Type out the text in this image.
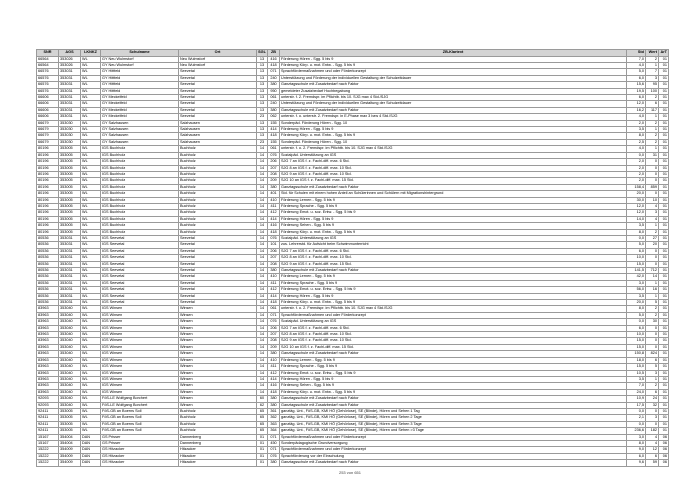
SNR	AGS	LKNKZ	Schulname	Ort	SGL	ZB	ZB-Klartext	Std	Wert	ArT
66564	353026	WL	GY Neu Wulmstorf	Neu Wulmstorf	13	416	Förderung Hören - Sgg. 5 bis 9	7,0	2	01
66564	353026	WL	GY Neu Wulmstorf	Neu Wulmstorf	13	418	Förderung Körp. u. mot. Entw. - Sgg. 5 bis 9	4,0	1	01
66576	353031	WL	GY Hittfeld	Seevetal	13	071	Sprachfördermaßnahmen und oder Förderkonzept	5,0	7	01
66576	353031	WL	GY Hittfeld	Seevetal	13	240	Unterstützung und Förderung der individuellen Gestaltung der Schulzeitdauer	6,0	3	01
66576	353031	WL	GY Hittfeld	Seevetal	13	380	Ganztagsschule mit Zusatzbedarf nach Faktor	15,6	95	01
66576	353031	WL	GY Hittfeld	Seevetal	13	950	gemeldeter Zusatzbedarf Hochbegabung	19,5	100	01
66606	353031	WL	GY Meckelfeld	Seevetal	13	061	unterstr. f. 2. Fremdspr. im Pflichtb. bis 10. SJG max 4 Std./SJG	6,0	2	01
66606	353031	WL	GY Meckelfeld	Seevetal	13	240	Unterstützung und Förderung der individuellen Gestaltung der Schulzeitdauer	12,0	6	01
66606	353031	WL	GY Meckelfeld	Seevetal	13	380	Ganztagsschule mit Zusatzbedarf nach Faktor	16,2	117	01
66606	353031	WL	GY Meckelfeld	Seevetal	23	062	unterstr. f. o. unterstr. 2. Fremdspr. in E-Phase max 3 bzw 4 Std./SJG	4,0	1	01
66679	353030	WL	GY Salzhausen	Salzhausen	13	155	Sonderpäd. Förderung Hören - Sgg. 10	2,0	2	01
66679	353030	WL	GY Salzhausen	Salzhausen	13	414	Förderung Hören - Sgg. 5 bis 9	3,5	1	01
66679	353030	WL	GY Salzhausen	Salzhausen	13	418	Förderung Körp. u. mot. Entw. - Sgg. 5 bis 9	8,0	2	01
66679	353030	WL	GY Salzhausen	Salzhausen	23	155	Sonderpäd. Förderung Hören - Sgg. 10	2,5	2	01
80196	353005	WL	IGS Buchholz	Buchholz	14	061	unterstr. f. o. 2. Fremdspr. im Pflichtb. bis 10. SJG max 4 Std./SJG	4,0	1	01
80196	353005	WL	IGS Buchholz	Buchholz	14	076	Sozialpäd. Unterstützung an IGS	0,0	31	01
80196	353005	WL	IGS Buchholz	Buchholz	14	206	SJG 7 an IGS f. z. Fachl-diff. max. 6 Std.	2,0	0	01
80196	353005	WL	IGS Buchholz	Buchholz	14	207	SJG 8 an IGS f. z. Fachl-diff. max. 10 Std.	2,0	0	01
80196	353005	WL	IGS Buchholz	Buchholz	14	208	SJG 9 an IGS f. z. Fachl-diff. max. 10 Std.	2,0	0	01
80196	353005	WL	IGS Buchholz	Buchholz	14	209	SJG 10 an IGS f. z. Fachl-diff. max. 15 Std.	2,0	0	01
80196	353005	WL	IGS Buchholz	Buchholz	14	380	Ganztagsschule mit Zusatzbedarf nach Faktor	158,4	859	01
80196	353005	WL	IGS Buchholz	Buchholz	14	401	Std. für Schulen mit einem hohen Anteil an Schülerinnen und Schülern mit Migrationshintergrund	20,0	0	01
80196	353005	WL	IGS Buchholz	Buchholz	14	410	Förderung Lernen - Sgg. 5 bis 9	30,0	10	01
80196	353005	WL	IGS Buchholz	Buchholz	14	411	Förderung Sprache - Sgg. 5 bis 9	12,0	4	01
80196	353005	WL	IGS Buchholz	Buchholz	14	412	Förderung Emot. u. soz. Entw. - Sgg. 5 bis 9	12,0	3	01
80196	353005	WL	IGS Buchholz	Buchholz	14	414	Förderung Hören - Sgg. 5 bis 9	14,0	4	01
80196	353005	WL	IGS Buchholz	Buchholz	14	416	Förderung Sehen - Sgg. 5 bis 9	3,5	1	01
80196	353005	WL	IGS Buchholz	Buchholz	14	418	Förderung Körp. u. mot. Entw. - Sgg. 5 bis 9	8,0	2	01
80536	353031	WL	IGS Seevetal	Seevetal	14	076	Sozialpäd. Unterstützung an IGS	0,0	27	01
80536	353031	WL	IGS Seevetal	Seevetal	14	101	zus. Lehrerstd. für Aufsicht beim Schwimmunterricht	5,0	20	01
80536	353031	WL	IGS Seevetal	Seevetal	14	206	SJG 7 an IGS f. z. Fachl-diff. max. 6 Std.	6,0	0	01
80536	353031	WL	IGS Seevetal	Seevetal	14	207	SJG 8 an IGS f. z. Fachl-diff. max. 10 Std.	10,0	0	01
80536	353031	WL	IGS Seevetal	Seevetal	14	208	SJG 9 an IGS f. z. Fachl-diff. max. 15 Std.	15,0	0	01
80536	353031	WL	IGS Seevetal	Seevetal	14	380	Ganztagsschule mit Zusatzbedarf nach Faktor	141,5	712	01
80536	353031	WL	IGS Seevetal	Seevetal	14	410	Förderung Lernen - Sgg. 5 bis 9	42,0	14	01
80536	353031	WL	IGS Seevetal	Seevetal	14	411	Förderung Sprache - Sgg. 5 bis 9	3,0	1	01
80536	353031	WL	IGS Seevetal	Seevetal	14	412	Förderung Emot. u. soz. Entw. - Sgg. 5 bis 9	56,0	16	01
80536	353031	WL	IGS Seevetal	Seevetal	14	414	Förderung Hören - Sgg. 5 bis 9	3,5	1	01
80536	353031	WL	IGS Seevetal	Seevetal	14	418	Förderung Körp. u. mot. Entw. - Sgg. 5 bis 9	20,0	5	01
83963	353040	WL	IGS Winsen	Winsen	14	061	unterstr. f. o. 2. Fremdspr. im Pflichtb. bis 10. SJG max 4 Std./SJG	8,0	2	01
83963	353040	WL	IGS Winsen	Winsen	14	071	Sprachfördermaßnahmen und oder Förderkonzept	5,0	2	01
83963	353040	WL	IGS Winsen	Winsen	14	076	Sozialpäd. Unterstützung an IGS	0,0	30	01
83963	353040	WL	IGS Winsen	Winsen	14	206	SJG 7 an IGS f. z. Fachl-diff. max. 6 Std.	6,0	0	01
83963	353040	WL	IGS Winsen	Winsen	14	207	SJG 8 an IGS f. z. Fachl-diff. max. 10 Std.	10,0	0	01
83963	353040	WL	IGS Winsen	Winsen	14	208	SJG 9 an IGS f. z. Fachl-diff. max. 10 Std.	15,0	0	01
83963	353040	WL	IGS Winsen	Winsen	14	209	SJG 10 an IGS f. z. Fachl-diff. max. 15 Std.	15,0	0	01
83963	353040	WL	IGS Winsen	Winsen	14	380	Ganztagsschule mit Zusatzbedarf nach Faktor	150,8	824	01
83963	353040	WL	IGS Winsen	Winsen	14	410	Förderung Lernen - Sgg. 5 bis 9	18,0	6	01
83963	353040	WL	IGS Winsen	Winsen	14	411	Förderung Sprache - Sgg. 5 bis 9	15,0	5	01
83963	353040	WL	IGS Winsen	Winsen	14	412	Förderung Emot. u. soz. Entw. - Sgg. 5 bis 9	10,5	3	01
83963	353040	WL	IGS Winsen	Winsen	14	414	Förderung Hören - Sgg. 5 bis 9	3,5	1	01
83963	353040	WL	IGS Winsen	Winsen	14	416	Förderung Sehen - Sgg. 5 bis 9	7,0	2	01
83963	353040	WL	IGS Winsen	Winsen	14	418	Förderung Körp. u. mot. Entw. - Sgg. 5 bis 9	24,0	6	01
92093	353040	WL	FöS-LE Wolfgang Borchert	Winsen	60	380	Ganztagsschule mit Zusatzbedarf nach Faktor	10,9	24	01
92093	353040	WL	FöS-LE Wolfgang Borchert	Winsen	62	380	Ganztagsschule mit Zusatzbedarf nach Faktor	17,5	32	01
92411	353005	WL	FöS-GB an Boerns Soll	Buchholz	65	361	ganztäg. Unt., FöS-GB, KMI HÖ (Gehörlose), SE (Blinde), Hören und Sehen 1 Tag	0,0	0	01
92411	353005	WL	FöS-GB an Boerns Soll	Buchholz	65	362	ganztäg. Unt., FöS-GB, KMI HÖ (Gehörlose), SE (Blinde), Hören und Sehen 2 Tage	2,1	3	01
92411	353005	WL	FöS-GB an Boerns Soll	Buchholz	65	363	ganztäg. Unt., FöS-GB, KMI HÖ (Gehörlose), SE (Blinde), Hören und Sehen 3 Tage	0,0	0	01
92411	353005	WL	FöS-GB an Boerns Soll	Buchholz	65	364	ganztäg. Unt., FöS-GB, KMI HÖ (Gehörlose), SE (Blinde), Hören und Sehen >3 Tage	236,6	182	01
15167	354004	DAN	GS Prisser	Dannenberg	01	071	Sprachfördermaßnahmen und oder Förderkonzept	3,0	4	06
15167	354004	DAN	GS Prisser	Dannenberg	01	450	Sonderpädagogische Grundversorgung	8,0	4	06
15222	354009	DAN	GS Hitzacker	Hitzacker	01	071	Sprachfördermaßnahmen und oder Förderkonzept	9,0	12	06
15222	354009	DAN	GS Hitzacker	Hitzacker	01	076	Sprachförderung vor der Einschulung	6,0	6	06
15222	354009	DAN	GS Hitzacker	Hitzacker	01	380	Ganztagsschule mit Zusatzbedarf nach Faktor	9,6	59	06
253 von 651
